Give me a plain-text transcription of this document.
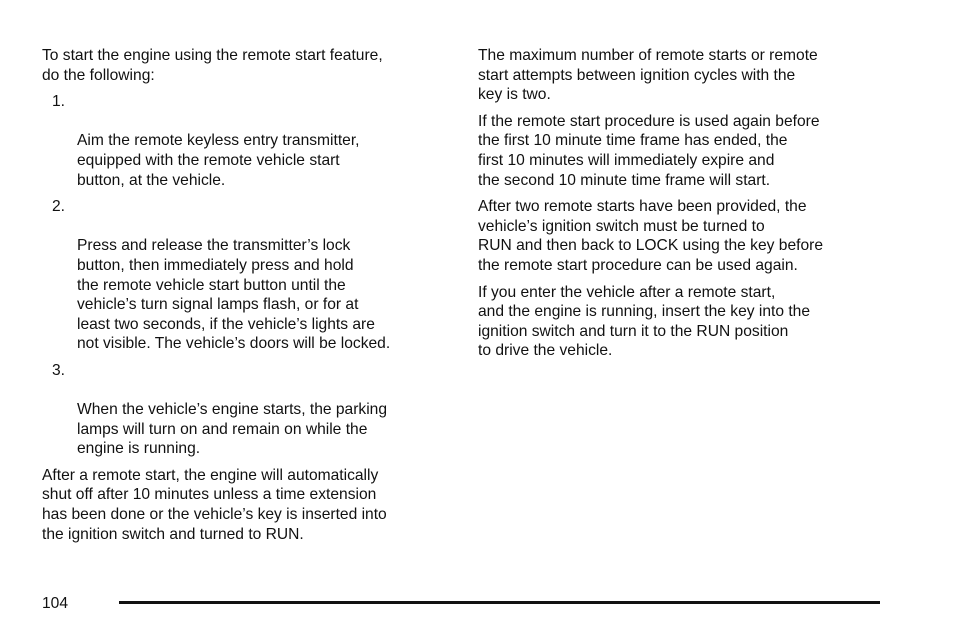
To start the engine using the remote start feature,
do the following:

1.

Aim the remote keyless entry transmitter,
equipped with the remote vehicle start
button, at the vehicle.

2.

Press and release the transmitter’s lock
button, then immediately press and hold
the remote vehicle start button until the
vehicle’s turn signal lamps flash, or for at
least two seconds, if the vehicle’s lights are
not visible. The vehicle’s doors will be locked.

3.

When the vehicle’s engine starts, the parking
lamps will turn on and remain on while the
engine is running.

After a remote start, the engine will automatically
shut off after 10 minutes unless a time extension
has been done or the vehicle’s key is inserted into
the ignition switch and turned to RUN.

The maximum number of remote starts or remote
start attempts between ignition cycles with the
key is two.

If the remote start procedure is used again before
the first 10 minute time frame has ended, the
first 10 minutes will immediately expire and
the second 10 minute time frame will start.

After two remote starts have been provided, the
vehicle’s ignition switch must be turned to
RUN and then back to LOCK using the key before
the remote start procedure can be used again.

If you enter the vehicle after a remote start,
and the engine is running, insert the key into the
ignition switch and turn it to the RUN position
to drive the vehicle.

104
